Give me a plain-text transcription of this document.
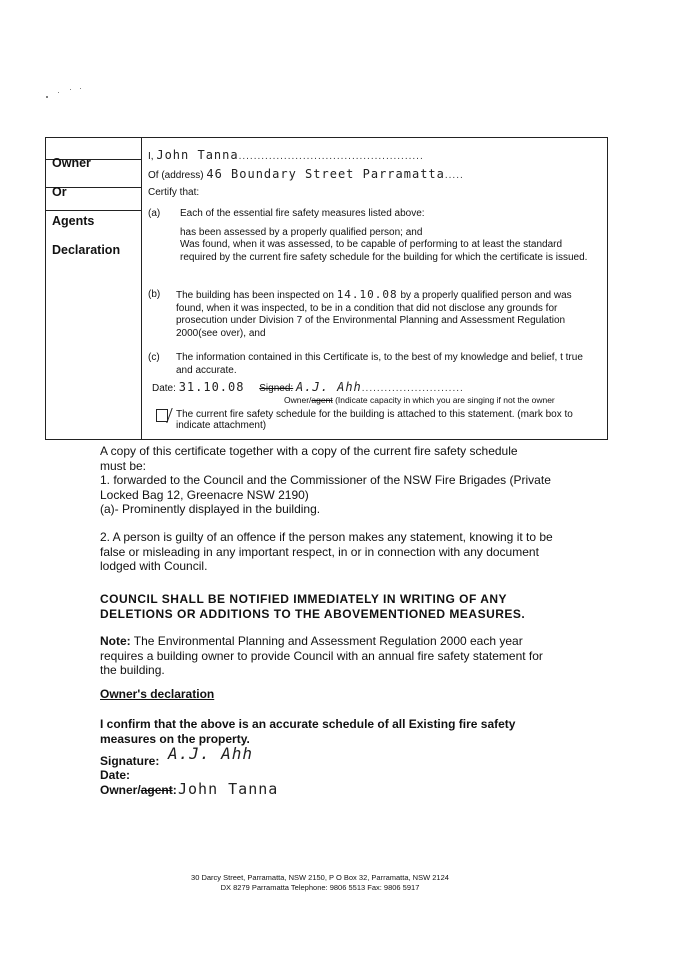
Owner
Or
Agents
Declaration
I, John Tanna.................................................
Of (address) 46 Boundary Street Parramatta.....
Certify that:
(a) Each of the essential fire safety measures listed above:
has been assessed by a properly qualified person; and
Was found, when it was assessed, to be capable of performing to at least the standard required by the current fire safety schedule for the building for which the certificate is issued.
(b) The building has been inspected on 14.10.08 by a properly qualified person and was found, when it was inspected, to be in a condition that did not disclose any grounds for prosecution under Division 7 of the Environmental Planning and Assessment Regulation 2000(see over), and
(c) The information contained in this Certificate is, to the best of my knowledge and belief, t true and accurate.
Date: 31.10.08 Signed: A.J. Ahh...........................
Owner/agent (Indicate capacity in which you are singing if not the owner
The current fire safety schedule for the building is attached to this statement. (mark box to indicate attachment)
A copy of this certificate together with a copy of the current fire safety schedule
must be:
1. forwarded to the Council and the Commissioner of the NSW Fire Brigades (Private Locked Bag 12, Greenacre NSW 2190)
(a)- Prominently displayed in the building.
2. A person is guilty of an offence if the person makes any statement, knowing it to be false or misleading in any important respect, in or in connection with any document lodged with Council.
COUNCIL SHALL BE NOTIFIED IMMEDIATELY IN WRITING OF ANY DELETIONS OR ADDITIONS TO THE ABOVEMENTIONED MEASURES.
Note: The Environmental Planning and Assessment Regulation 2000 each year requires a building owner to provide Council with an annual fire safety statement for the building.
Owner's declaration
I confirm that the above is an accurate schedule of all Existing fire safety measures on the property.
Signature: A.J. Ahh
Date:
Owner/agent: John Tanna
30 Darcy Street, Parramatta, NSW 2150, P O Box 32, Parramatta, NSW 2124
DX 8279 Parramatta Telephone: 9806 5513 Fax: 9806 5917
